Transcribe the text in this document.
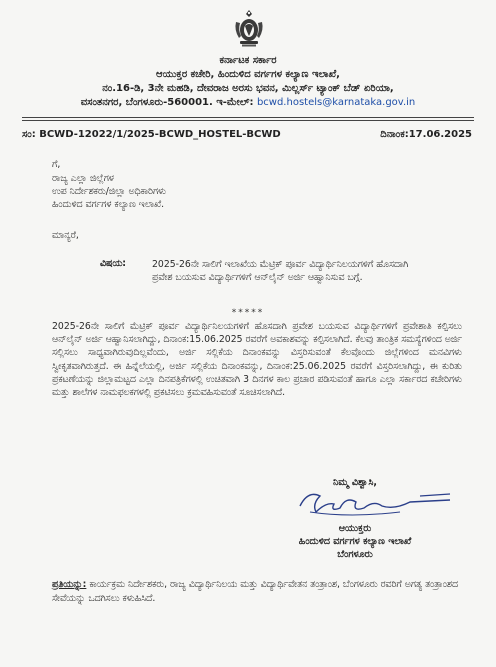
ಕರ್ನಾಟಕ ಸರ್ಕಾರ
ಆಯುಕ್ತರ ಕಚೇರಿ, ಹಿಂದುಳಿದ ವರ್ಗಗಳ ಕಲ್ಯಾಣ ಇಲಾಖೆ,
ನಂ.16-ಡಿ, 3ನೇ ಮಹಡಿ, ದೇವರಾಜ ಅರಸು ಭವನ, ಮಿಲ್ಲರ್ಸ್ ಟ್ಯಾಂಕ್ ಬೆಡ್ ಏರಿಯಾ,
ವಸಂತನಗರ, ಬೆಂಗಳೂರು-560001. ಇ-ಮೇಲ್: bcwd.hostels@karnataka.gov.in
ಸಂ: BCWD-12022/1/2025-BCWD_HOSTEL-BCWD	ದಿನಾಂಕ:17.06.2025
ಗೆ,
ರಾಜ್ಯ ಎಲ್ಲಾ ಜಿಲ್ಲೆಗಳ
ಉಪ ನಿರ್ದೇಶಕರು/ಜಿಲ್ಲಾ ಅಧಿಕಾರಿಗಳು
ಹಿಂದುಳಿದ ವರ್ಗಗಳ ಕಲ್ಯಾಣ ಇಲಾಖೆ.
ಮಾನ್ಯರೆ,
ವಿಷಯ:	2025-26ನೇ ಸಾಲಿಗೆ ಇಲಾಖೆಯ ಮೆಟ್ರಿಕ್ ಪೂರ್ವ ವಿದ್ಯಾರ್ಥಿನಿಲಯಗಳಿಗೆ ಹೊಸದಾಗಿ ಪ್ರವೇಶ ಬಯಸುವ ವಿದ್ಯಾರ್ಥಿಗಳಿಗೆ ಆನ್‌ಲೈನ್ ಅರ್ಜಿ ಆಹ್ವಾನಿಸುವ ಬಗ್ಗೆ.
*****
2025-26ನೇ ಸಾಲಿಗೆ ಮೆಟ್ರಿಕ್ ಪೂರ್ವ ವಿದ್ಯಾರ್ಥಿನಿಲಯಗಳಿಗೆ ಹೊಸದಾಗಿ ಪ್ರವೇಶ ಬಯಸುವ ವಿದ್ಯಾರ್ಥಿಗಳಿಗೆ ಪ್ರವೇಶಾತಿ ಕಲ್ಪಿಸಲು ಆನ್‌ಲೈನ್ ಅರ್ಜಿ ಆಹ್ವಾನಿಸಲಾಗಿದ್ದು, ದಿನಾಂಕ:15.06.2025 ರವರೆಗೆ ಅವಕಾಶವನ್ನು ಕಲ್ಪಿಸಲಾಗಿದೆ. ಕೆಲವು ತಾಂತ್ರಿಕ ಸಮಸ್ಯೆಗಳಿಂದ ಅರ್ಜಿ ಸಲ್ಲಿಸಲು ಸಾಧ್ಯವಾಗಿರುವುದಿಲ್ಲವೆಂದು, ಅರ್ಜಿ ಸಲ್ಲಿಕೆಯ ದಿನಾಂಕವನ್ನು ವಿಸ್ತರಿಸುವಂತೆ ಕೆಲವೊಂದು ಜಿಲ್ಲೆಗಳಿಂದ ಮನವಿಗಳು ಸ್ವೀಕೃತವಾಗಿರುತ್ತದೆ. ಈ ಹಿನ್ನೆಲೆಯಲ್ಲಿ, ಅರ್ಜಿ ಸಲ್ಲಿಕೆಯ ದಿನಾಂಕವನ್ನು, ದಿನಾಂಕ:25.06.2025 ರವರೆಗೆ ವಿಸ್ತರಿಸಲಾಗಿದ್ದು, ಈ ಕುರಿತು ಪ್ರಕಟಣೆಯನ್ನು ಜಿಲ್ಲಾಮಟ್ಟದ ಎಲ್ಲಾ ದಿನಪತ್ರಿಕೆಗಳಲ್ಲಿ ಉಚಿತವಾಗಿ 3 ದಿನಗಳ ಕಾಲ ಪ್ರಚಾರ ಪಡಿಸುವಂತೆ ಹಾಗೂ ಎಲ್ಲಾ ಸರ್ಕಾರದ ಕಚೇರಿಗಳು ಮತ್ತು ಶಾಲೆಗಳ ನಾಮಫಲಕಗಳಲ್ಲಿ ಪ್ರಕಟಿಸಲು ಕ್ರಮವಹಿಸುವಂತೆ ಸೂಚಿಸಲಾಗಿದೆ.
ನಿಮ್ಮ ವಿಶ್ವಾಸಿ,
ಆಯುಕ್ತರು
ಹಿಂದುಳಿದ ವರ್ಗಗಳ ಕಲ್ಯಾಣ ಇಲಾಖೆ
ಬೆಂಗಳೂರು
ಪ್ರತಿಯನ್ನು: ಕಾರ್ಯಕ್ರಮ ನಿರ್ದೇಶಕರು, ರಾಜ್ಯ ವಿದ್ಯಾರ್ಥಿನಿಲಯ ಮತ್ತು ವಿದ್ಯಾರ್ಥಿವೇತನ ತಂತ್ರಾಂಶ, ಬೆಂಗಳೂರು ರವರಿಗೆ ಅಗತ್ಯ ತಂತ್ರಾಂಶದ ಸೇವೆಯನ್ನು ಒದಗಿಸಲು ಕಳುಹಿಸಿದೆ.
